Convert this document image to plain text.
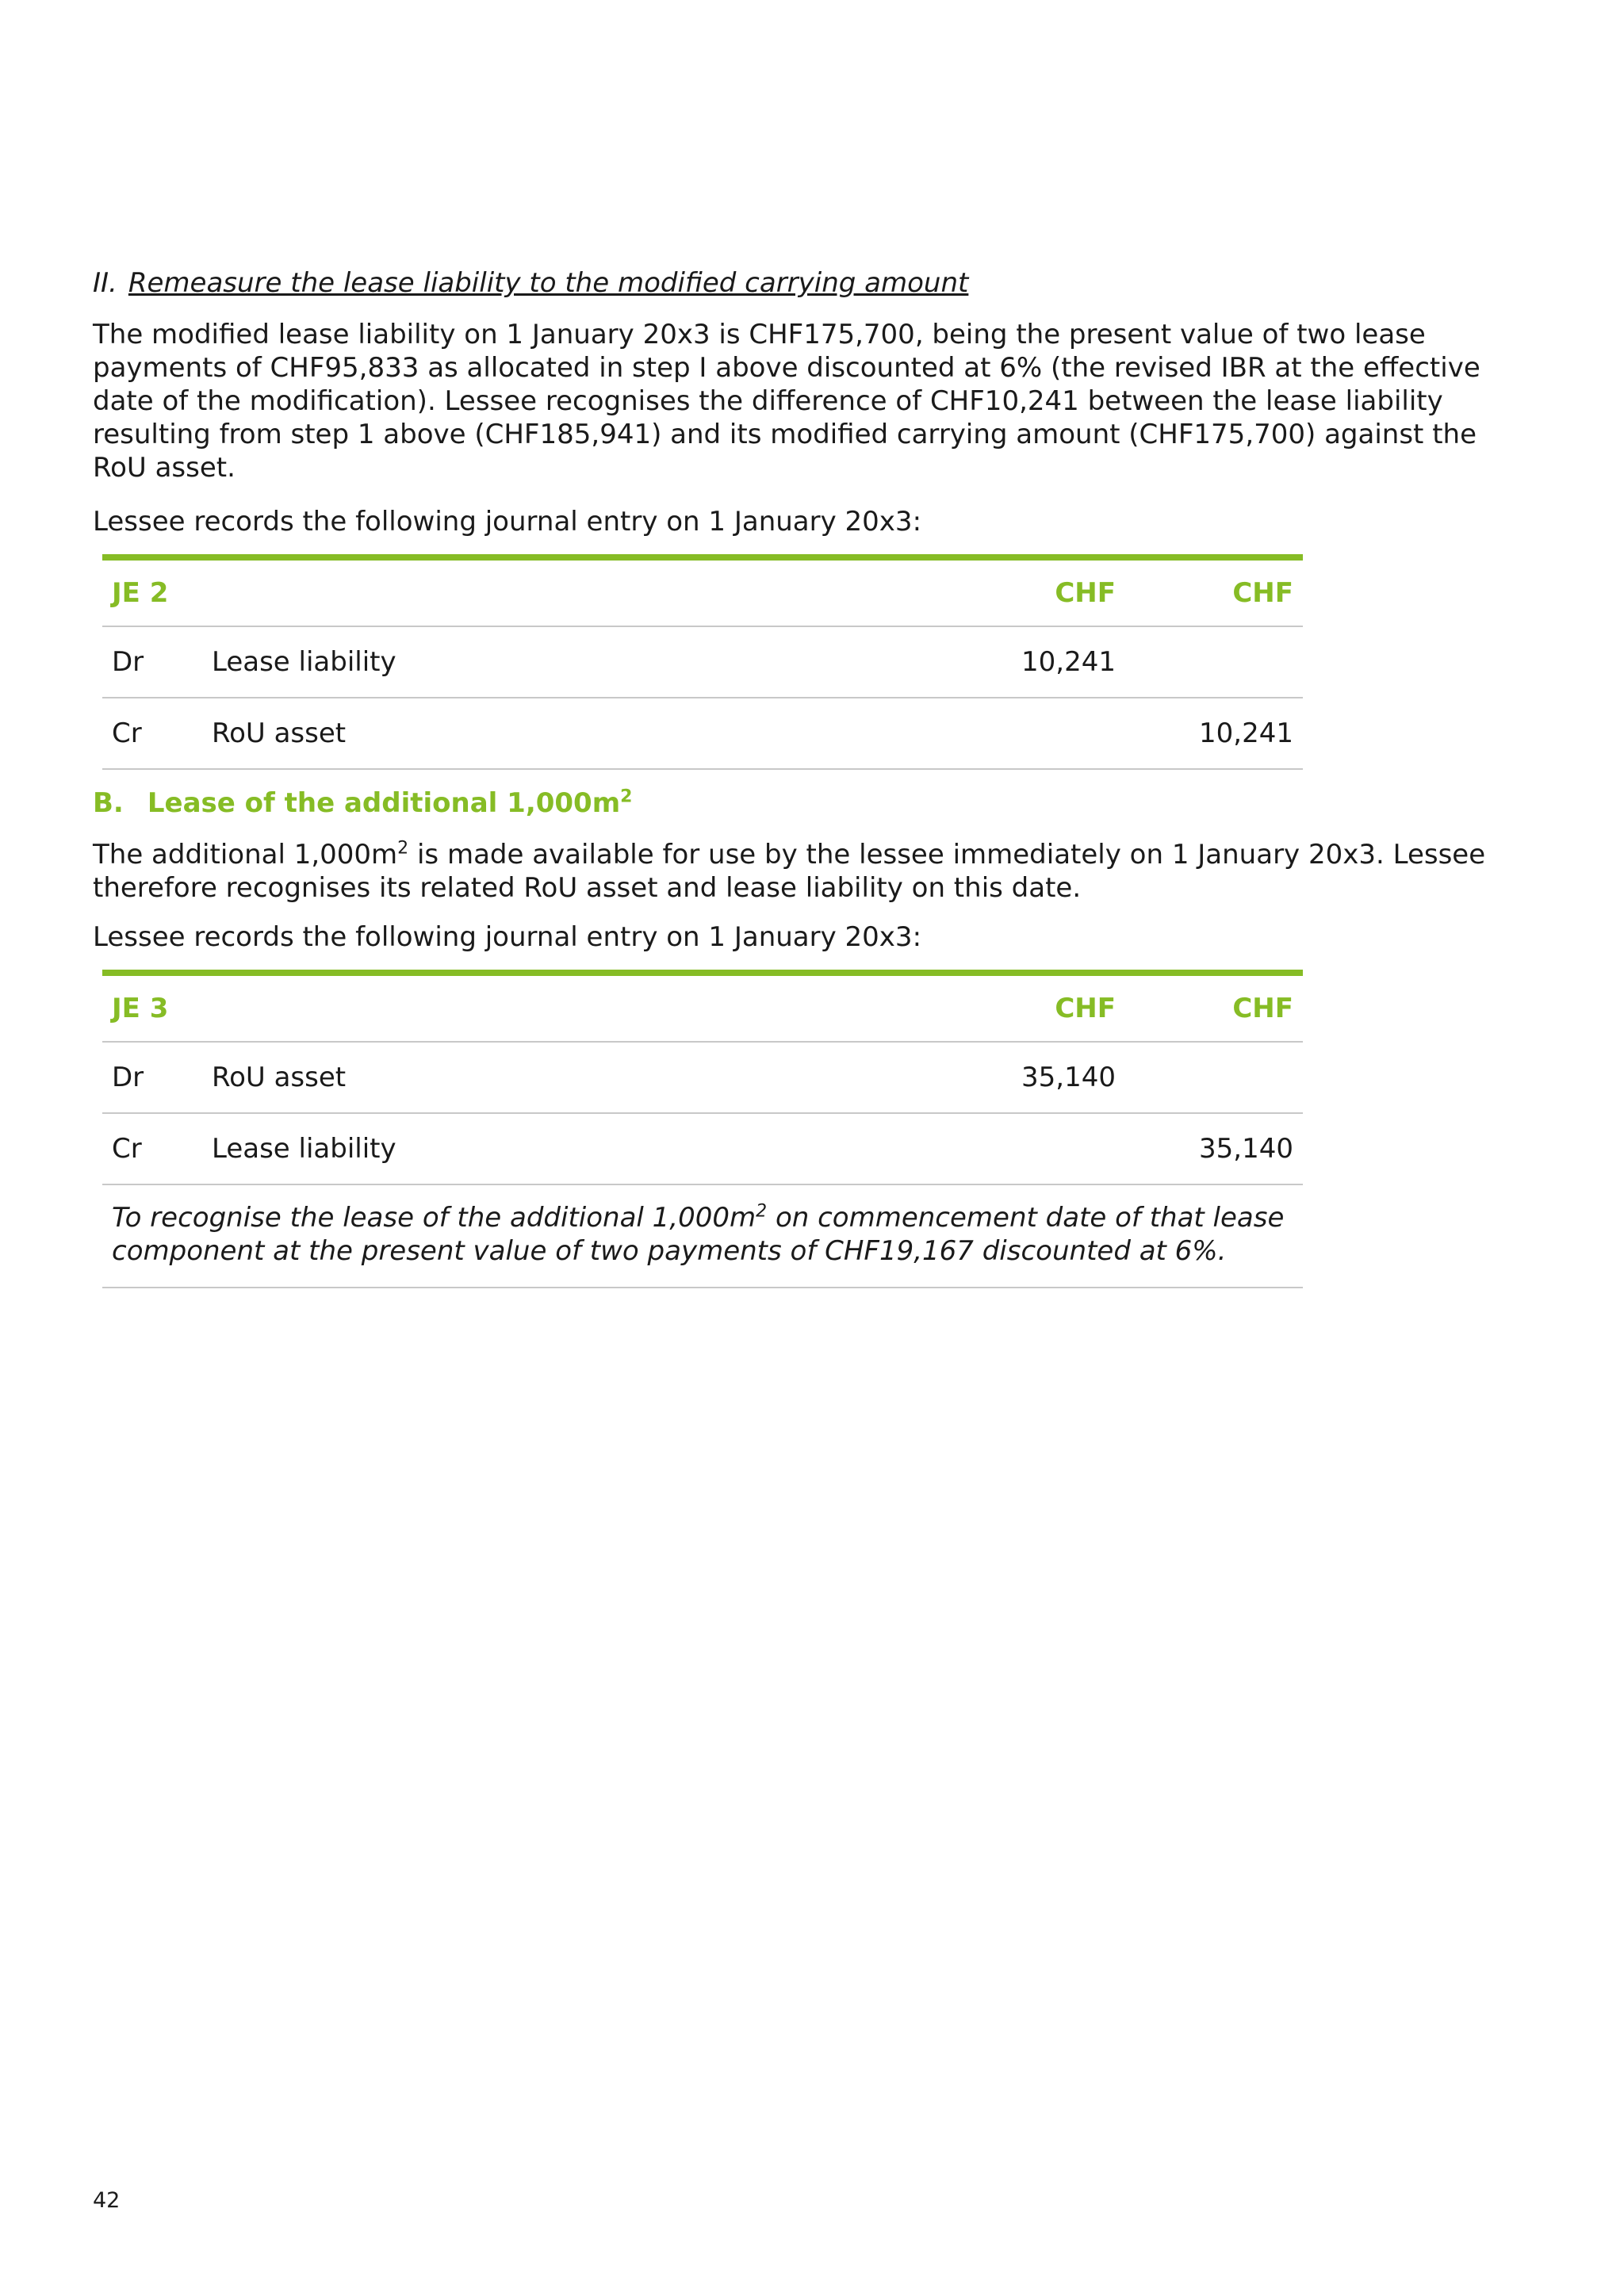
II. Remeasure the lease liability to the modified carrying amount

The modified lease liability on 1 January 20x3 is CHF175,700, being the present value of two lease payments of CHF95,833 as allocated in step I above discounted at 6% (the revised IBR at the effective date of the modification). Lessee recognises the difference of CHF10,241 between the lease liability resulting from step 1 above (CHF185,941) and its modified carrying amount (CHF175,700) against the RoU asset.

Lessee records the following journal entry on 1 January 20x3:

JE 2		CHF	CHF
Dr	Lease liability	10,241	
Cr	RoU asset		10,241
B. Lease of the additional $1,000m^2$

The additional $1,000m^2$ is made available for use by the lessee immediately on 1 January 20x3. Lessee therefore recognises its related RoU asset and lease liability on this date.

Lessee records the following journal entry on 1 January 20x3:

JE 3		CHF	CHF
Dr	RoU asset	35,140	
Cr	Lease liability		35,140
To recognise the lease of the additional $1,000m^2$ on commencement date of that lease component at the present value of two payments of CHF19,167 discounted at 6%.			
42
